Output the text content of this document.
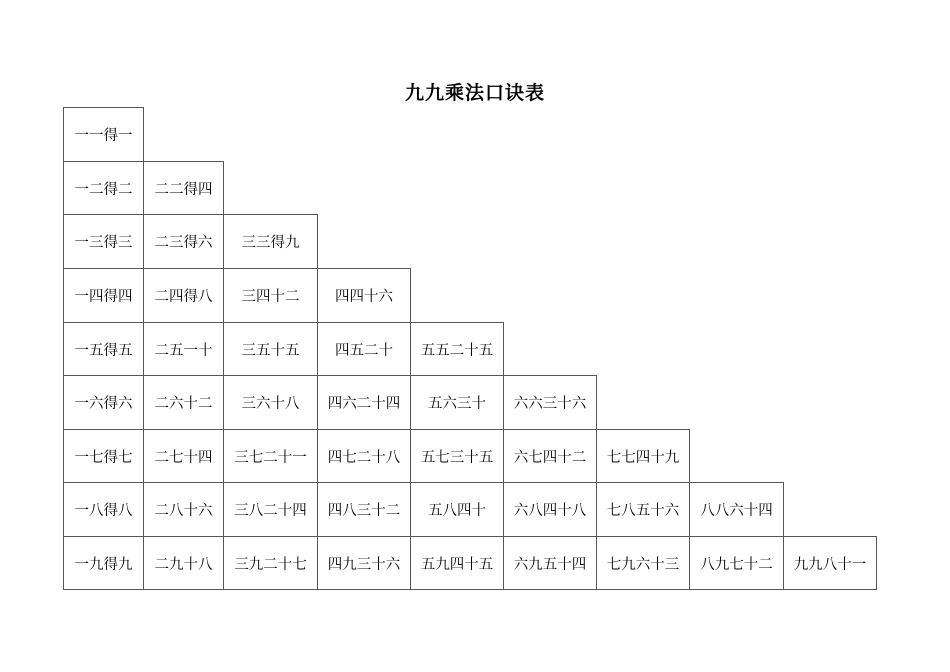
九九乘法口诀表
一一得一
一二得二	二二得四
一三得三	二三得六	三三得九
一四得四	二四得八	三四十二	四四十六
一五得五	二五一十	三五十五	四五二十	五五二十五
一六得六	二六十二	三六十八	四六二十四	五六三十	六六三十六
一七得七	二七十四	三七二十一	四七二十八	五七三十五	六七四十二	七七四十九
一八得八	二八十六	三八二十四	四八三十二	五八四十	六八四十八	七八五十六	八八六十四
一九得九	二九十八	三九二十七	四九三十六	五九四十五	六九五十四	七九六十三	八九七十二	九九八十一
